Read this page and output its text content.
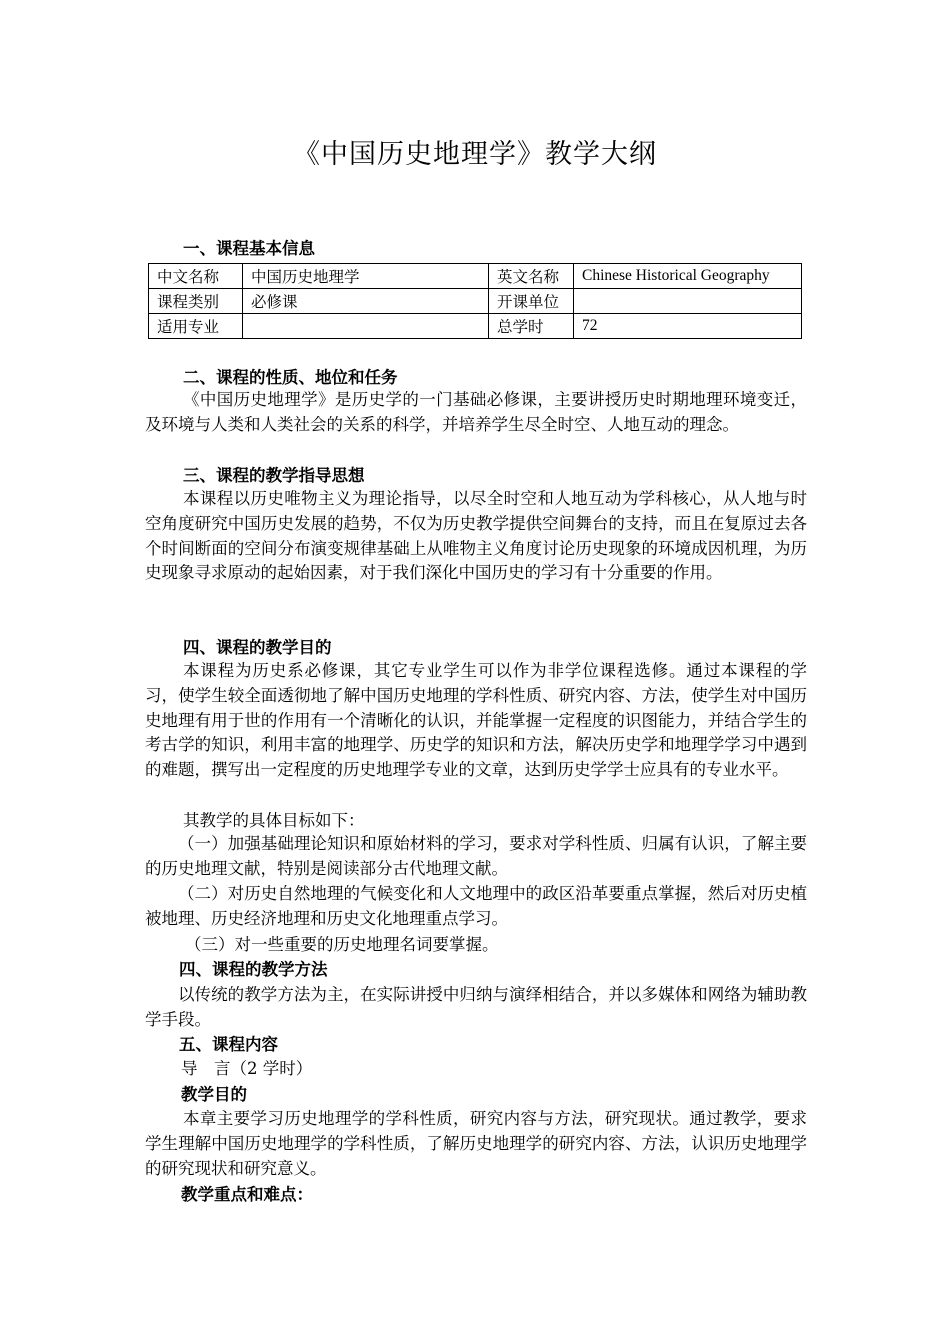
《中国历史地理学》教学大纲
一、课程基本信息
中文名称	中国历史地理学	英文名称	Chinese Historical Geography
课程类别	必修课	开课单位	
适用专业		总学时	72
二、课程的性质、地位和任务
《中国历史地理学》是历史学的一门基础必修课，主要讲授历史时期地理环境变迁，及环境与人类和人类社会的关系的科学，并培养学生尽全时空、人地互动的理念。
三、课程的教学指导思想
本课程以历史唯物主义为理论指导，以尽全时空和人地互动为学科核心，从人地与时空角度研究中国历史发展的趋势，不仅为历史教学提供空间舞台的支持，而且在复原过去各个时间断面的空间分布演变规律基础上从唯物主义角度讨论历史现象的环境成因机理，为历史现象寻求原动的起始因素，对于我们深化中国历史的学习有十分重要的作用。
四、课程的教学目的
本课程为历史系必修课，其它专业学生可以作为非学位课程选修。通过本课程的学习，使学生较全面透彻地了解中国历史地理的学科性质、研究内容、方法，使学生对中国历史地理有用于世的作用有一个清晰化的认识，并能掌握一定程度的识图能力，并结合学生的考古学的知识，利用丰富的地理学、历史学的知识和方法，解决历史学和地理学学习中遇到的难题，撰写出一定程度的历史地理学专业的文章，达到历史学学士应具有的专业水平。
其教学的具体目标如下：
（一）加强基础理论知识和原始材料的学习，要求对学科性质、归属有认识，了解主要的历史地理文献，特别是阅读部分古代地理文献。
（二）对历史自然地理的气候变化和人文地理中的政区沿革要重点掌握，然后对历史植被地理、历史经济地理和历史文化地理重点学习。
（三）对一些重要的历史地理名词要掌握。
四、课程的教学方法
以传统的教学方法为主，在实际讲授中归纳与演绎相结合，并以多媒体和网络为辅助教学手段。
五、课程内容
导　言（2 学时）
教学目的
本章主要学习历史地理学的学科性质，研究内容与方法，研究现状。通过教学，要求学生理解中国历史地理学的学科性质，了解历史地理学的研究内容、方法，认识历史地理学的研究现状和研究意义。
教学重点和难点：
